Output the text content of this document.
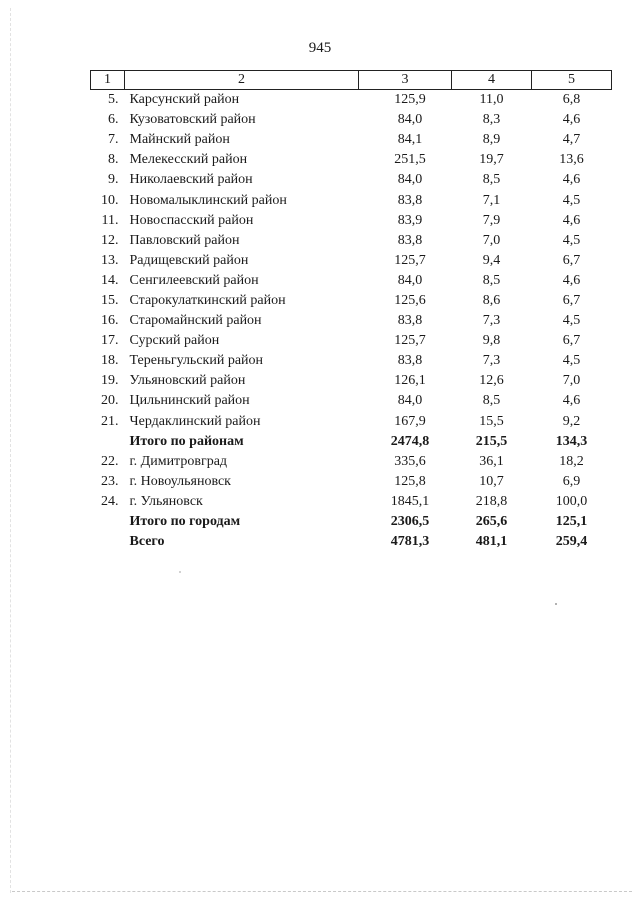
945
1	2	3	4	5
5.	Карсунский район	125,9	11,0	6,8
6.	Кузоватовский район	84,0	8,3	4,6
7.	Майнский район	84,1	8,9	4,7
8.	Мелекесский район	251,5	19,7	13,6
9.	Николаевский район	84,0	8,5	4,6
10.	Новомалыклинский район	83,8	7,1	4,5
11.	Новоспасский район	83,9	7,9	4,6
12.	Павловский район	83,8	7,0	4,5
13.	Радищевский район	125,7	9,4	6,7
14.	Сенгилеевский район	84,0	8,5	4,6
15.	Старокулаткинский район	125,6	8,6	6,7
16.	Старомайнский район	83,8	7,3	4,5
17.	Сурский район	125,7	9,8	6,7
18.	Тереньгульский район	83,8	7,3	4,5
19.	Ульяновский район	126,1	12,6	7,0
20.	Цильнинский район	84,0	8,5	4,6
21.	Чердаклинский район	167,9	15,5	9,2
	Итого по районам	2474,8	215,5	134,3
22.	г. Димитровград	335,6	36,1	18,2
23.	г. Новоульяновск	125,8	10,7	6,9
24.	г. Ульяновск	1845,1	218,8	100,0
	Итого по городам	2306,5	265,6	125,1
	Всего	4781,3	481,1	259,4
